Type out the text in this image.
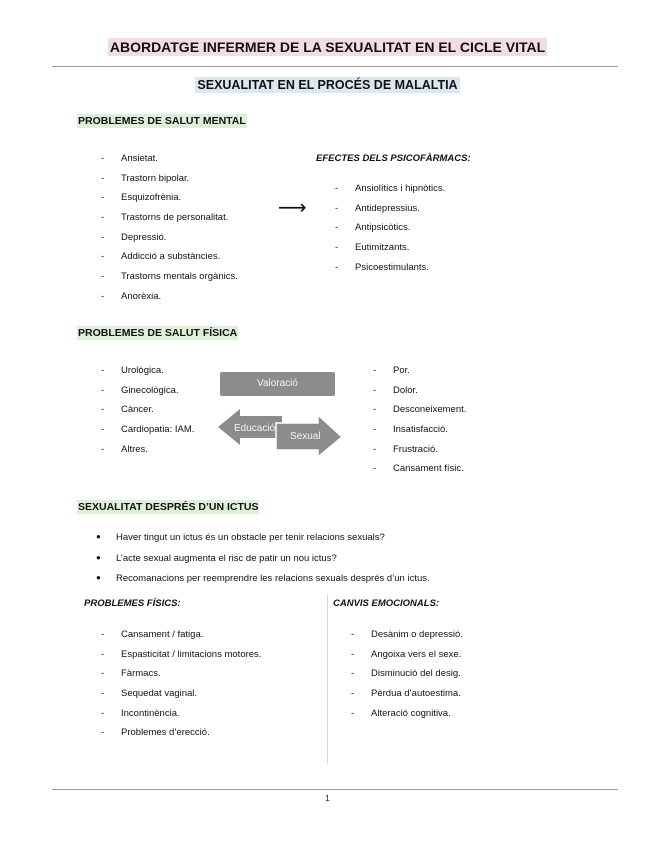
ABORDATGE INFERMER DE LA SEXUALITAT EN EL CICLE VITAL
SEXUALITAT EN EL PROCÉS DE MALALTIA
PROBLEMES DE SALUT MENTAL
- Ansietat.
- Trastorn bipolar.
- Esquizofrènia.
- Trastorns de personalitat.
- Depressió.
- Addicció a substàncies.
- Trastorns mentals orgànics.
- Anorèxia.
⟶
EFECTES DELS PSICOFÀRMACS:
- Ansiolítics i hipnòtics.
- Antidepressius.
- Antipsicòtics.
- Eutimitzants.
- Psicoestimulants.
PROBLEMES DE SALUT FÍSICA
- Urològica.
- Ginecològica.
- Càncer.
- Cardiopatia: IAM.
- Altres.
Valoració
Educació
Sexual
- Por.
- Dolor.
- Desconeixement.
- Insatisfacció.
- Frustració.
- Cansament físic.
SEXUALITAT DESPRÉS D’UN ICTUS
● Haver tingut un ictus és un obstacle per tenir relacions sexuals?
● L’acte sexual augmenta el risc de patir un nou ictus?
● Recomanacions per reemprendre les relacions sexuals després d’un ictus.
PROBLEMES FÍSICS:	CANVIS EMOCIONALS:
- Cansament / fatiga.
- Espasticitat / limitacions motores.
- Fàrmacs.
- Sequedat vaginal.
- Incontinència.
- Problemes d’erecció.
- Desànim o depressió.
- Angoixa vers el sexe.
- Disminució del desig.
- Pèrdua d’autoestima.
- Alteració cognitiva.
1
